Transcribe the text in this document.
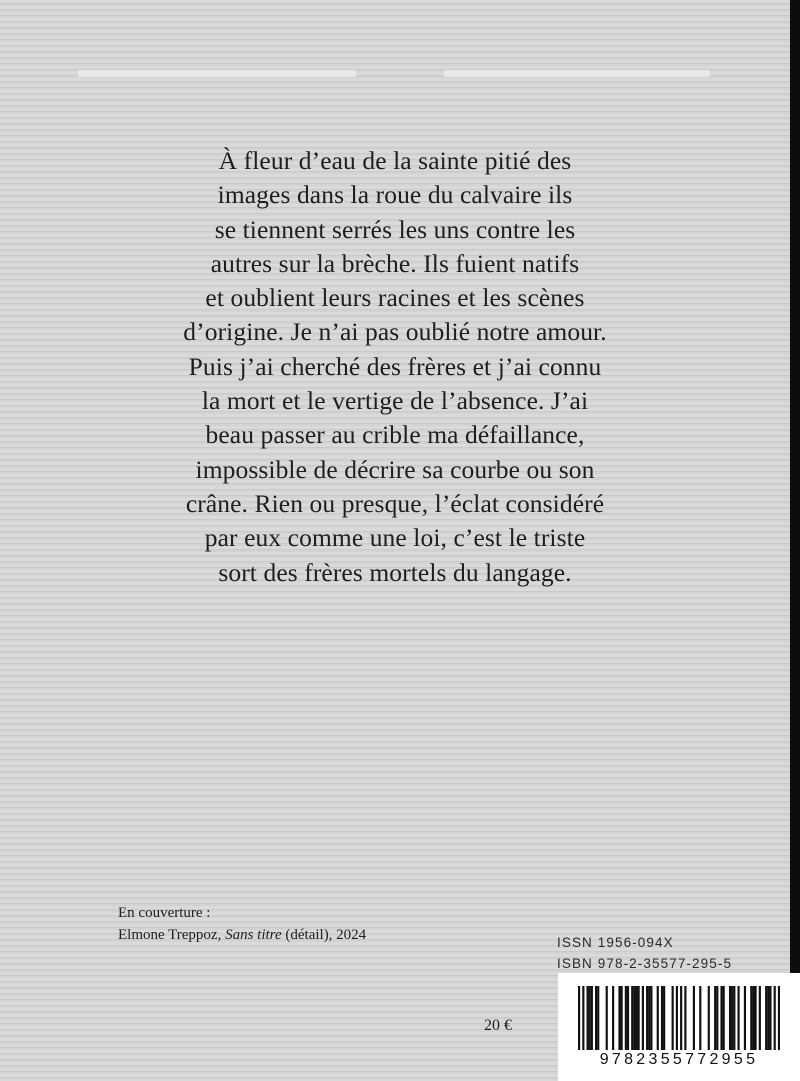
À fleur d’eau de la sainte pitié des
images dans la roue du calvaire ils
se tiennent serrés les uns contre les
autres sur la brèche. Ils fuient natifs
et oublient leurs racines et les scènes
d’origine. Je n’ai pas oublié notre amour.
Puis j’ai cherché des frères et j’ai connu
la mort et le vertige de l’absence. J’ai
beau passer au crible ma défaillance,
impossible de décrire sa courbe ou son
crâne. Rien ou presque, l’éclat considéré
par eux comme une loi, c’est le triste
sort des frères mortels du langage.

En couverture :
Elmone Treppoz, Sans titre (détail), 2024	ISSN 1956-094X
ISBN 978-2-35577-295-5
20 €
9782355772955
